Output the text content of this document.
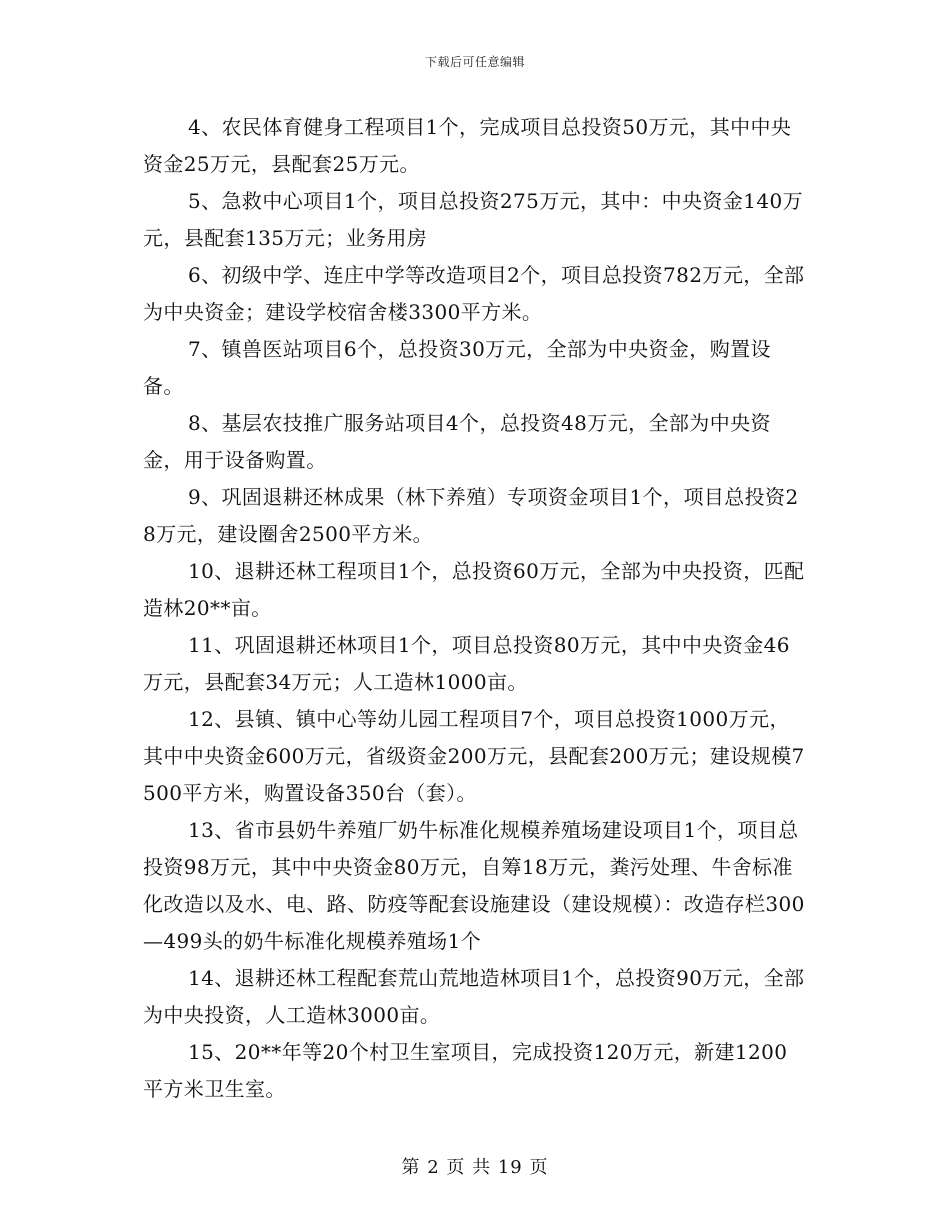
下载后可任意编辑

4、农民体育健身工程项目1个，完成项目总投资50万元，其中中央资金25万元，县配套25万元。

5、急救中心项目1个，项目总投资275万元，其中：中央资金140万元，县配套135万元；业务用房

6、初级中学、连庄中学等改造项目2个，项目总投资782万元，全部为中央资金；建设学校宿舍楼3300平方米。

7、镇兽医站项目6个，总投资30万元，全部为中央资金，购置设备。

8、基层农技推广服务站项目4个，总投资48万元，全部为中央资金，用于设备购置。

9、巩固退耕还林成果（林下养殖）专项资金项目1个，项目总投资28万元，建设圈舍2500平方米。

10、退耕还林工程项目1个，总投资60万元，全部为中央投资，匹配造林20**亩。

11、巩固退耕还林项目1个，项目总投资80万元，其中中央资金46万元，县配套34万元；人工造林1000亩。

12、县镇、镇中心等幼儿园工程项目7个，项目总投资1000万元，其中中央资金600万元，省级资金200万元，县配套200万元；建设规模7500平方米，购置设备350台（套）。

13、省市县奶牛养殖厂奶牛标准化规模养殖场建设项目1个，项目总投资98万元，其中中央资金80万元，自筹18万元，粪污处理、牛舍标准化改造以及水、电、路、防疫等配套设施建设（建设规模）：改造存栏300—499头的奶牛标准化规模养殖场1个

14、退耕还林工程配套荒山荒地造林项目1个，总投资90万元，全部为中央投资，人工造林3000亩。

15、20**年等20个村卫生室项目，完成投资120万元，新建1200平方米卫生室。

第 2 页 共 19 页
